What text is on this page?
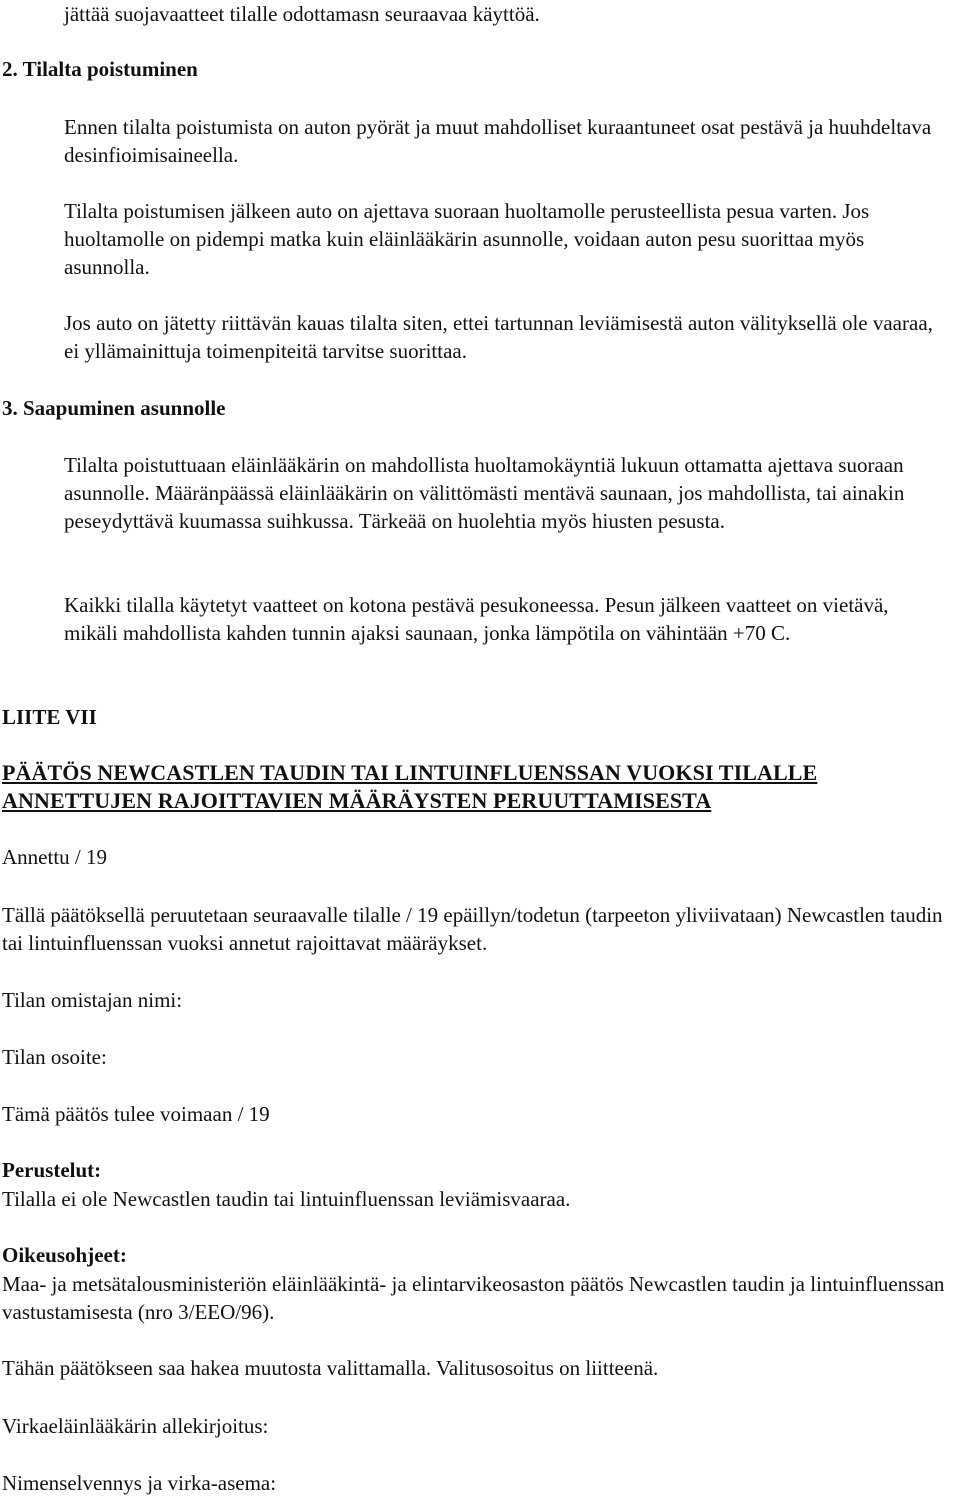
jättää suojavaatteet tilalle odottamasn seuraavaa käyttöä.

2. Tilalta poistuminen

Ennen tilalta poistumista on auton pyörät ja muut mahdolliset kuraantuneet osat pestävä ja huuhdeltava desinfioimisaineella.

Tilalta poistumisen jälkeen auto on ajettava suoraan huoltamolle perusteellista pesua varten. Jos huoltamolle on pidempi matka kuin eläinlääkärin asunnolle, voidaan auton pesu suorittaa myös asunnolla.

Jos auto on jätetty riittävän kauas tilalta siten, ettei tartunnan leviämisestä auton välityksellä ole vaaraa, ei yllämainittuja toimenpiteitä tarvitse suorittaa.

3. Saapuminen asunnolle

Tilalta poistuttuaan eläinlääkärin on mahdollista huoltamokäyntiä lukuun ottamatta ajettava suoraan asunnolle. Määränpäässä eläinlääkärin on välittömästi mentävä saunaan, jos mahdollista, tai ainakin peseydyttävä kuumassa suihkussa. Tärkeää on huolehtia myös hiusten pesusta.

Kaikki tilalla käytetyt vaatteet on kotona pestävä pesukoneessa. Pesun jälkeen vaatteet on vietävä, mikäli mahdollista kahden tunnin ajaksi saunaan, jonka lämpötila on vähintään +70 C.

LIITE VII
PÄÄTÖS NEWCASTLEN TAUDIN TAI LINTUINFLUENSSAN VUOKSI TILALLE
ANNETTUJEN RAJOITTAVIEN MÄÄRÄYSTEN PERUUTTAMISESTA
Annettu / 19

Tällä päätöksellä peruutetaan seuraavalle tilalle / 19 epäillyn/todetun (tarpeeton yliviivataan) Newcastlen taudin tai lintuinfluenssan vuoksi annetut rajoittavat määräykset.

Tilan omistajan nimi:
Tilan osoite:
Tämä päätös tulee voimaan / 19
Perustelut:
Tilalla ei ole Newcastlen taudin tai lintuinfluenssan leviämisvaaraa.
Oikeusohjeet:

Maa- ja metsätalousministeriön eläinlääkintä- ja elintarvikeosaston päätös Newcastlen taudin ja lintuinfluenssan vastustamisesta (nro 3/EEO/96).

Tähän päätökseen saa hakea muutosta valittamalla. Valitusosoitus on liitteenä.
Virkaeläinlääkärin allekirjoitus:
Nimenselvennys ja virka-asema:
